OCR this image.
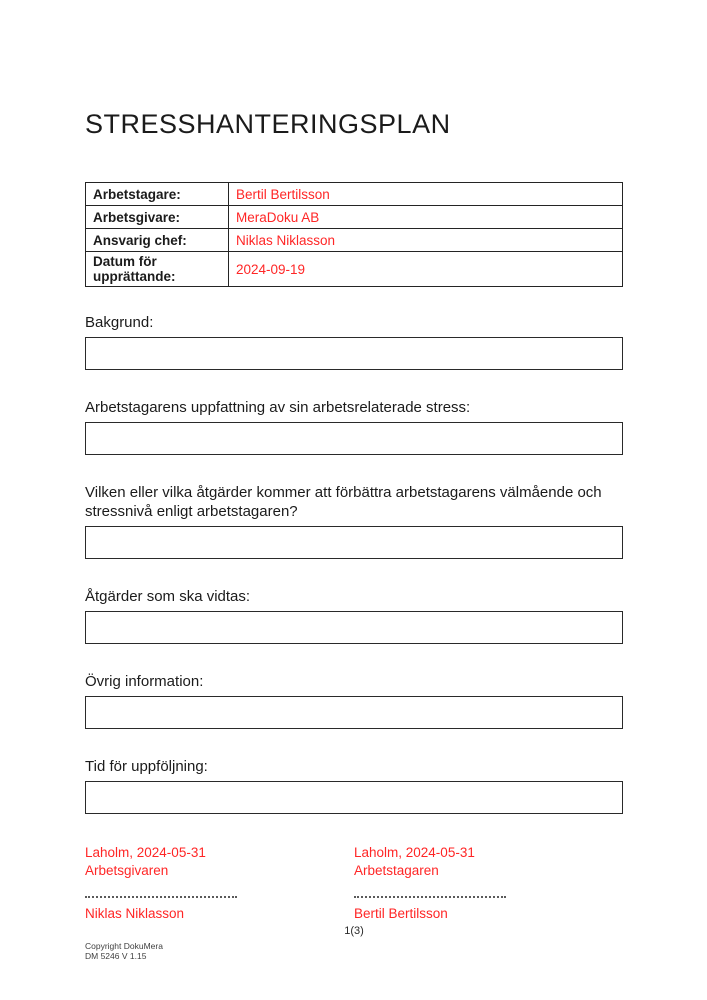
STRESSHANTERINGSPLAN
Arbetstagare:	Bertil Bertilsson
Arbetsgivare:	MeraDoku AB
Ansvarig chef:	Niklas Niklasson
Datum för upprättande:	2024-09-19
Bakgrund:
Arbetstagarens uppfattning av sin arbetsrelaterade stress:
Vilken eller vilka åtgärder kommer att förbättra arbetstagarens välmående och stressnivå enligt arbetstagaren?
Åtgärder som ska vidtas:
Övrig information:
Tid för uppföljning:
Laholm, 2024-05-31
Arbetsgivaren
Niklas Niklasson
Laholm, 2024-05-31
Arbetstagaren
Bertil Bertilsson
1(3)
Copyright DokuMera
DM 5246 V 1.15
